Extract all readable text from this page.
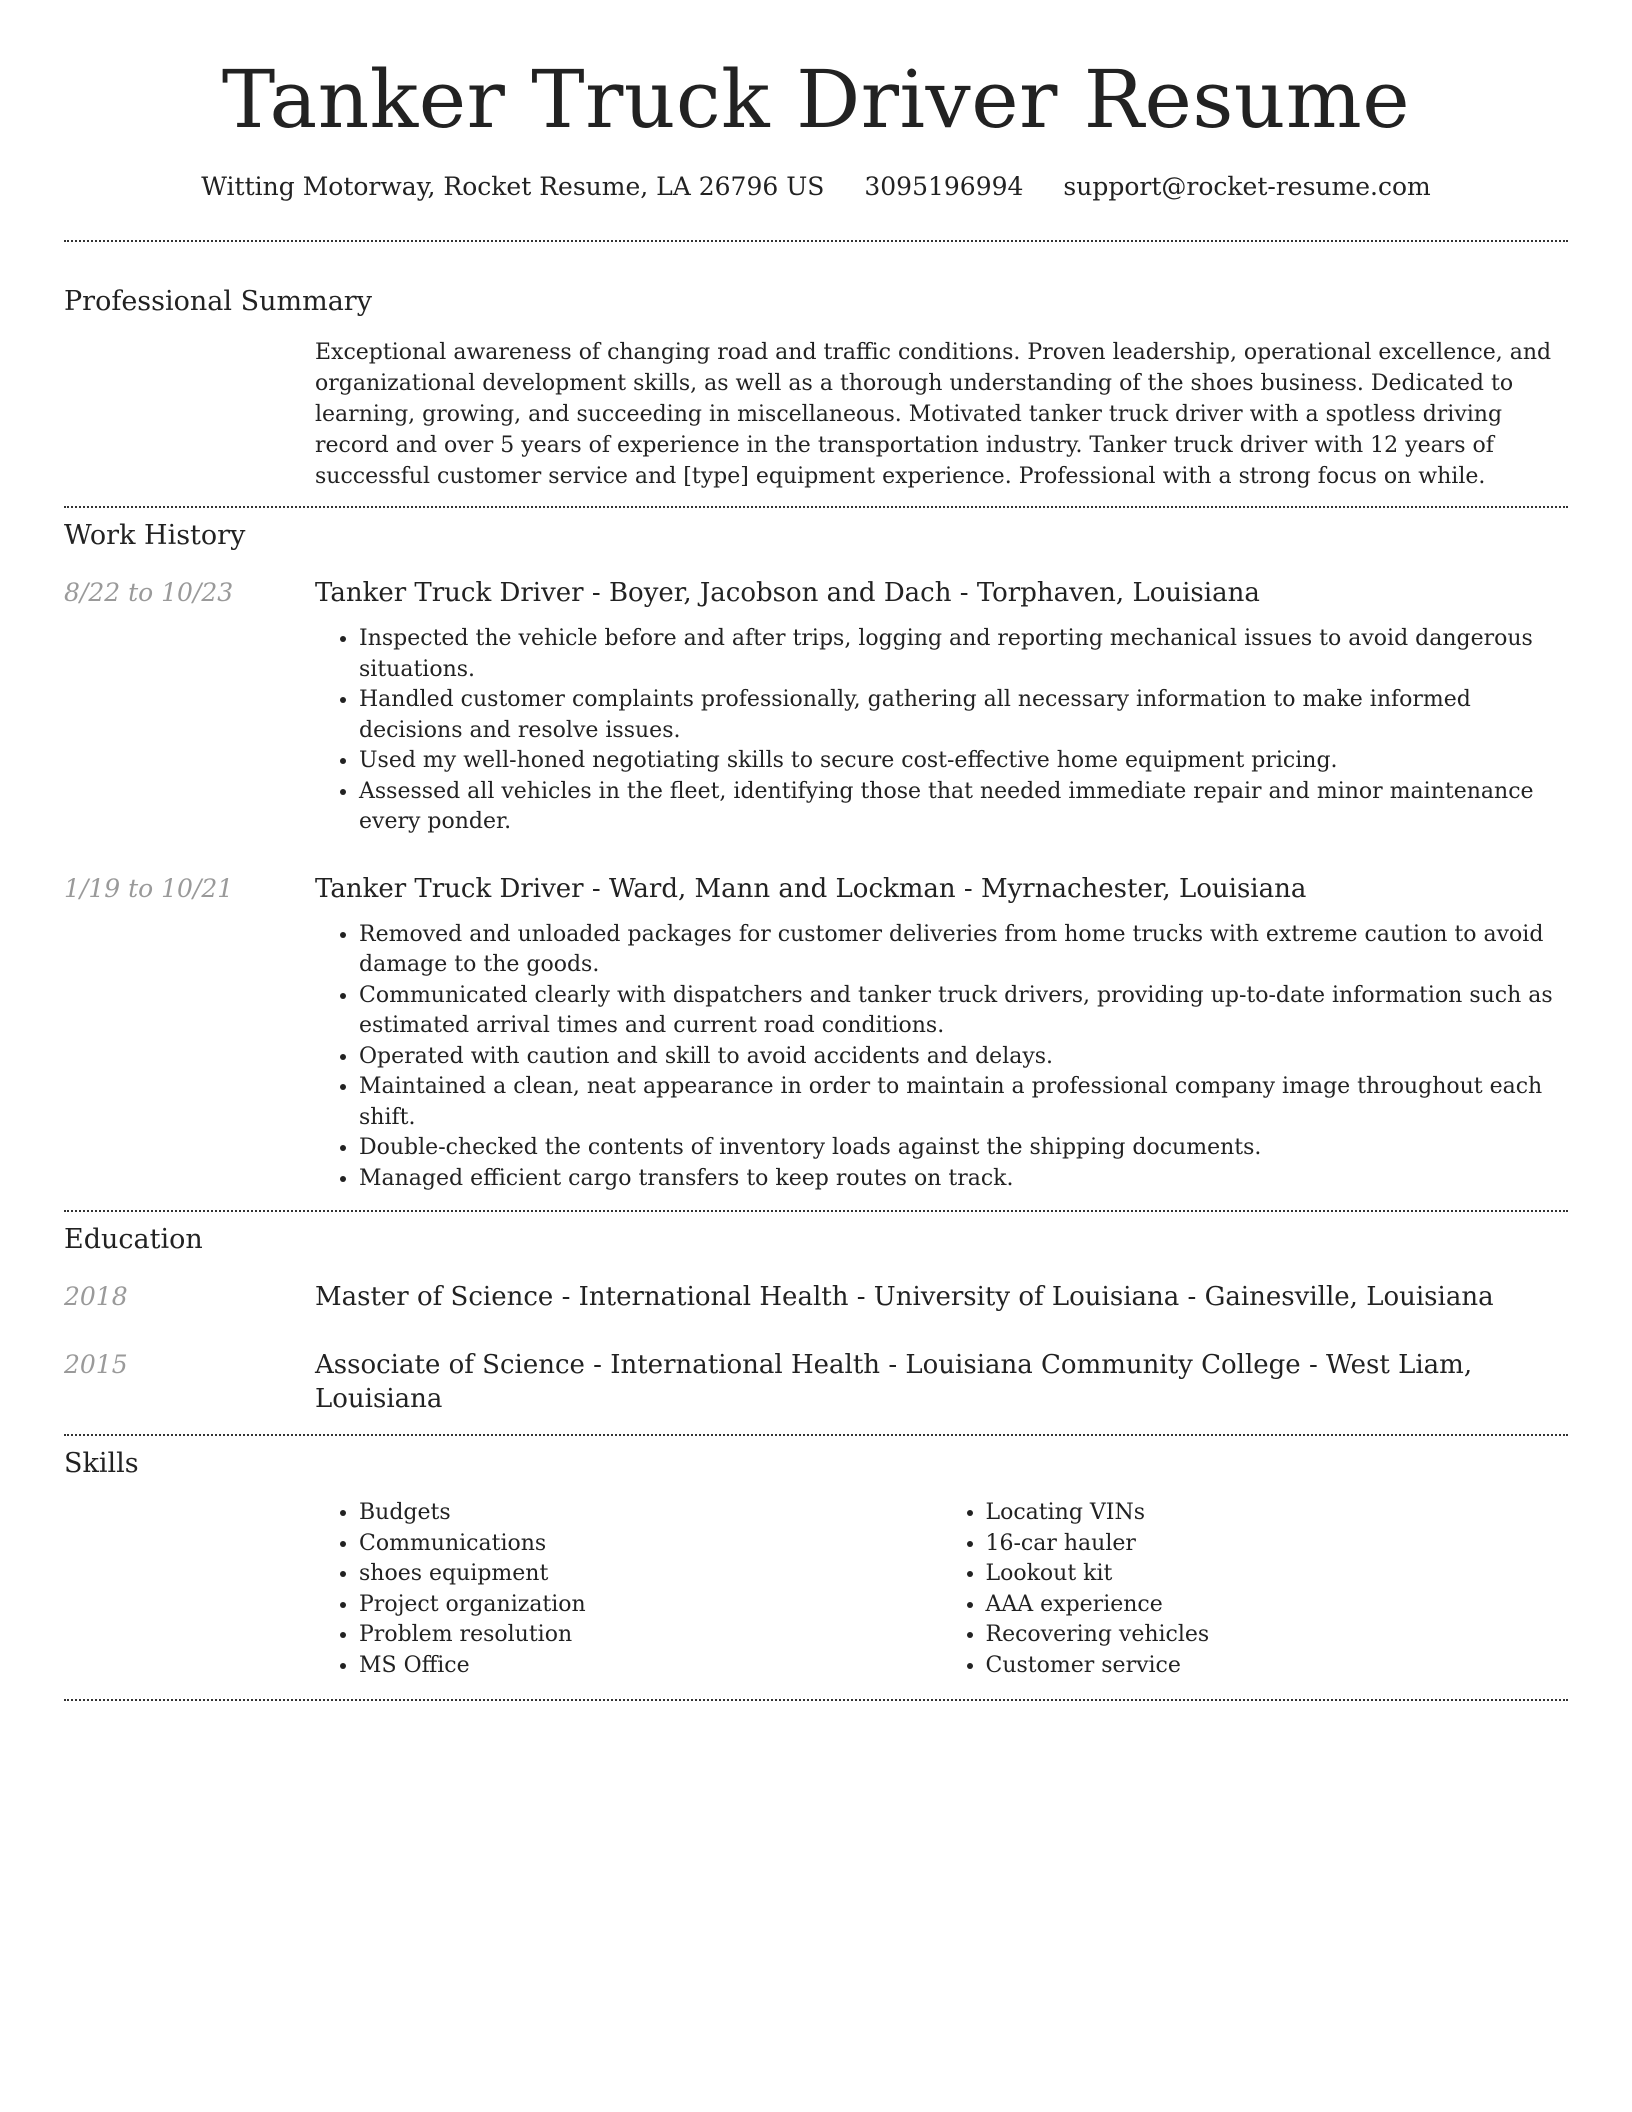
Tanker Truck Driver Resume
Witting Motorway, Rocket Resume, LA 26796 US 3095196994 support@rocket-resume.com
Professional Summary

Exceptional awareness of changing road and traffic conditions. Proven leadership, operational excellence, and organizational development skills, as well as a thorough understanding of the shoes business. Dedicated to learning, growing, and succeeding in miscellaneous. Motivated tanker truck driver with a spotless driving record and over 5 years of experience in the transportation industry. Tanker truck driver with 12 years of successful customer service and [type] equipment experience. Professional with a strong focus on while.

Work History
8/22 to 10/23	Tanker Truck Driver - Boyer, Jacobson and Dach - Torphaven, Louisiana
• Inspected the vehicle before and after trips, logging and reporting mechanical issues to avoid dangerous situations.
• Handled customer complaints professionally, gathering all necessary information to make informed decisions and resolve issues.
• Used my well-honed negotiating skills to secure cost-effective home equipment pricing.
• Assessed all vehicles in the fleet, identifying those that needed immediate repair and minor maintenance every ponder.
1/19 to 10/21	Tanker Truck Driver - Ward, Mann and Lockman - Myrnachester, Louisiana
• Removed and unloaded packages for customer deliveries from home trucks with extreme caution to avoid damage to the goods.
• Communicated clearly with dispatchers and tanker truck drivers, providing up-to-date information such as estimated arrival times and current road conditions.
• Operated with caution and skill to avoid accidents and delays.
• Maintained a clean, neat appearance in order to maintain a professional company image throughout each shift.
• Double-checked the contents of inventory loads against the shipping documents.
• Managed efficient cargo transfers to keep routes on track.
Education
2018	Master of Science - International Health - University of Louisiana - Gainesville, Louisiana
2015	Associate of Science - International Health - Louisiana Community College - West Liam, Louisiana
Skills
• Budgets
• Communications
• shoes equipment
• Project organization
• Problem resolution
• MS Office
• Locating VINs
• 16-car hauler
• Lookout kit
• AAA experience
• Recovering vehicles
• Customer service
